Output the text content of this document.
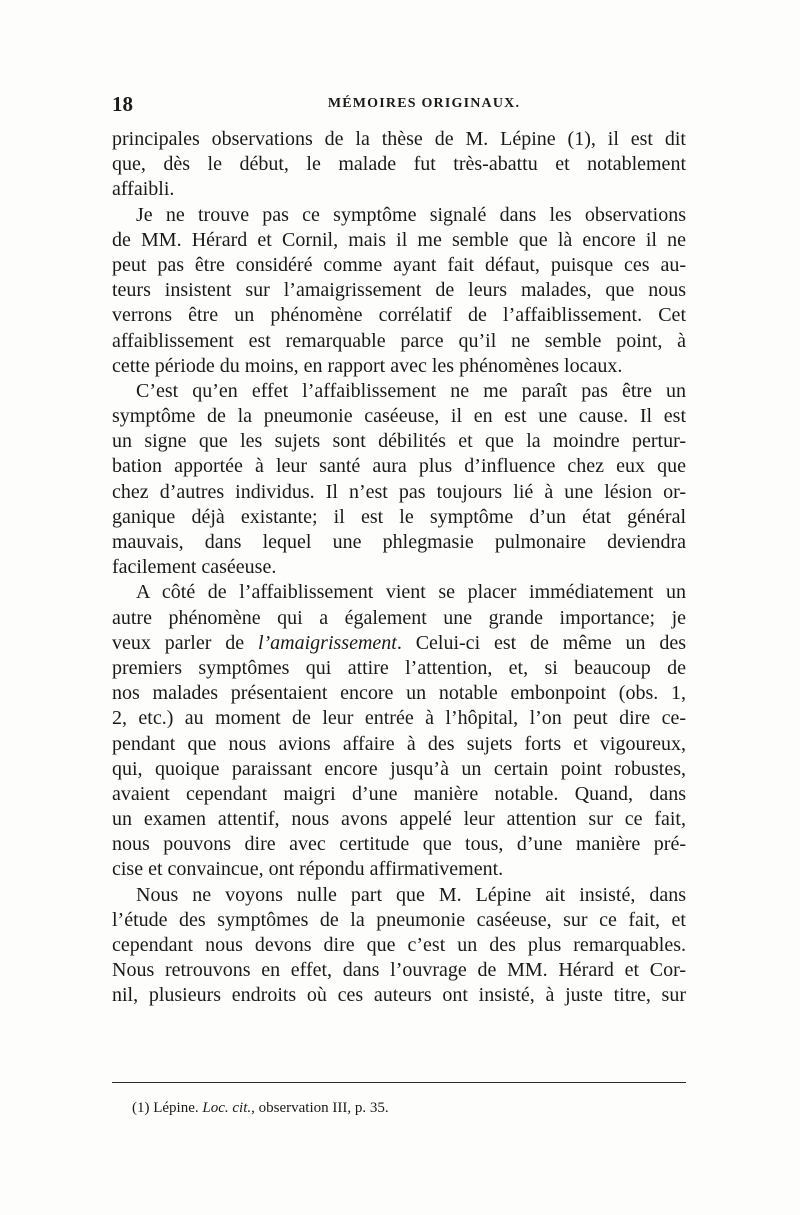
18	MÉMOIRES ORIGINAUX.
principales observations de la thèse de M. Lépine (1), il est dit
que, dès le début, le malade fut très-abattu et notablement
affaibli.
Je ne trouve pas ce symptôme signalé dans les observations
de MM. Hérard et Cornil, mais il me semble que là encore il ne
peut pas être considéré comme ayant fait défaut, puisque ces au-
teurs insistent sur l’amaigrissement de leurs malades, que nous
verrons être un phénomène corrélatif de l’affaiblissement. Cet
affaiblissement est remarquable parce qu’il ne semble point, à
cette période du moins, en rapport avec les phénomènes locaux.
C’est qu’en effet l’affaiblissement ne me paraît pas être un
symptôme de la pneumonie caséeuse, il en est une cause. Il est
un signe que les sujets sont débilités et que la moindre pertur-
bation apportée à leur santé aura plus d’influence chez eux que
chez d’autres individus. Il n’est pas toujours lié à une lésion or-
ganique déjà existante; il est le symptôme d’un état général
mauvais, dans lequel une phlegmasie pulmonaire deviendra
facilement caséeuse.
A côté de l’affaiblissement vient se placer immédiatement un
autre phénomène qui a également une grande importance; je
veux parler de l’amaigrissement. Celui-ci est de même un des
premiers symptômes qui attire l’attention, et, si beaucoup de
nos malades présentaient encore un notable embonpoint (obs. 1,
2, etc.) au moment de leur entrée à l’hôpital, l’on peut dire ce-
pendant que nous avions affaire à des sujets forts et vigoureux,
qui, quoique paraissant encore jusqu’à un certain point robustes,
avaient cependant maigri d’une manière notable. Quand, dans
un examen attentif, nous avons appelé leur attention sur ce fait,
nous pouvons dire avec certitude que tous, d’une manière pré-
cise et convaincue, ont répondu affirmativement.
Nous ne voyons nulle part que M. Lépine ait insisté, dans
l’étude des symptômes de la pneumonie caséeuse, sur ce fait, et
cependant nous devons dire que c’est un des plus remarquables.
Nous retrouvons en effet, dans l’ouvrage de MM. Hérard et Cor-
nil, plusieurs endroits où ces auteurs ont insisté, à juste titre, sur
(1) Lépine. Loc. cit., observation III, p. 35.
